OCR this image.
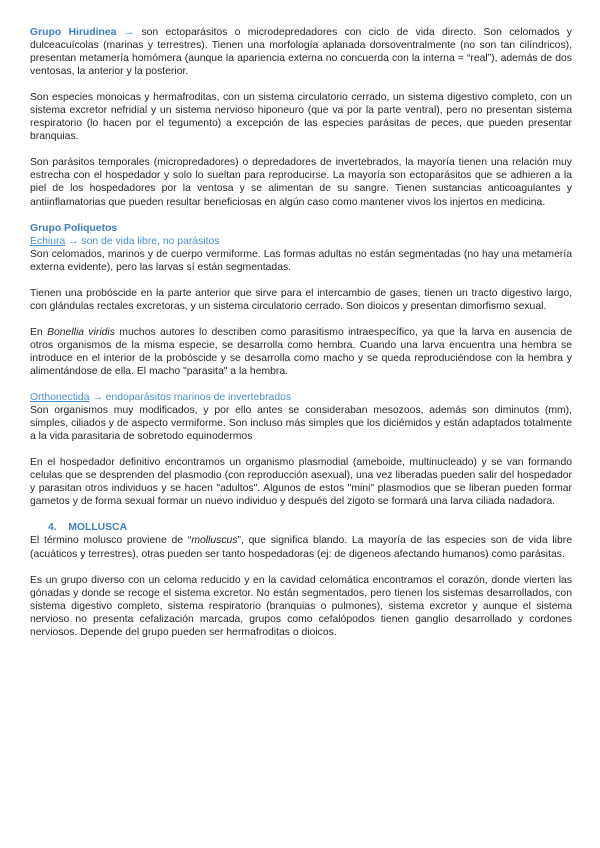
Grupo Hirudinea → son ectoparásitos o microdepredadores con ciclo de vida directo. Son celomados y dulceacuícolas (marinas y terrestres). Tienen una morfología aplanada dorsoventralmente (no son tan cilíndricos), presentan metamería homómera (aunque la apariencia externa no concuerda con la interna = “real”), además de dos ventosas, la anterior y la posterior.

Son especies monoicas y hermafroditas, con un sistema circulatorio cerrado, un sistema digestivo completo, con un sistema excretor nefridial y un sistema nervioso hiponeuro (que va por la parte ventral), pero no presentan sistema respiratorio (lo hacen por el tegumento) a excepción de las especies parásitas de peces, que pueden presentar branquias.

Son parásitos temporales (micropredadores) o depredadores de invertebrados, la mayoría tienen una relación muy estrecha con el hospedador y solo lo sueltan para reproducirse. La mayoría son ectoparásitos que se adhieren a la piel de los hospedadores por la ventosa y se alimentan de su sangre. Tienen sustancias anticoagulantes y antiinflamatorias que pueden resultar beneficiosas en algún caso como mantener vivos los injertos en medicina.

Grupo Poliquetos

Echiura → son de vida libre, no parásitos

Son celomados, marinos y de cuerpo vermiforme. Las formas adultas no están segmentadas (no hay una metamería externa evidente), pero las larvas sí están segmentadas.

Tienen una probóscide en la parte anterior que sirve para el intercambio de gases, tienen un tracto digestivo largo, con glándulas rectales excretoras, y un sistema circulatorio cerrado. Son dioicos y presentan dimorfismo sexual.

En Bonellia viridis muchos autores lo describen como parasitismo intraespecífico, ya que la larva en ausencia de otros organismos de la misma especie, se desarrolla como hembra. Cuando una larva encuentra una hembra se introduce en el interior de la probóscide y se desarrolla como macho y se queda reproduciéndose con la hembra y alimentándose de ella. El macho "parasita" a la hembra.

Orthonectida → endoparásitos marinos de invertebrados

Son organismos muy modificados, y por ello antes se consideraban mesozoos, además son diminutos (mm), simples, ciliados y de aspecto vermiforme. Son incluso más simples que los diciémidos y están adaptados totalmente a la vida parasitaria de sobretodo equinodermos

En el hospedador definitivo encontramos un organismo plasmodial (ameboide, multinucleado) y se van formando celulas que se desprenden del plasmodio (con reproducción asexual), una vez liberadas pueden salir del hospedador y parasitan otros individuos y se hacen "adultos". Algunos de estos "mini" plasmodios que se liberan pueden formar gametos y de forma sexual formar un nuevo individuo y después del zigoto se formará una larva ciliada nadadora.

4. MOLLUSCA

El término molusco proviene de “molluscus”, que significa blando. La mayoría de las especies son de vida libre (acuáticos y terrestres), otras pueden ser tanto hospedadoras (ej: de digeneos afectando humanos) como parásitas.

Es un grupo diverso con un celoma reducido y en la cavidad celomática encontramos el corazón, donde vierten las gónadas y donde se recoge el sistema excretor. No están segmentados, pero tienen los sistemas desarrollados, con sistema digestivo completo, sistema respiratorio (branquias o pulmones), sistema excretor y aunque el sistema nervioso no presenta cefalización marcada, grupos como cefalópodos tienen ganglio desarrollado y cordones nerviosos. Depende del grupo pueden ser hermafroditas o dioicos.
